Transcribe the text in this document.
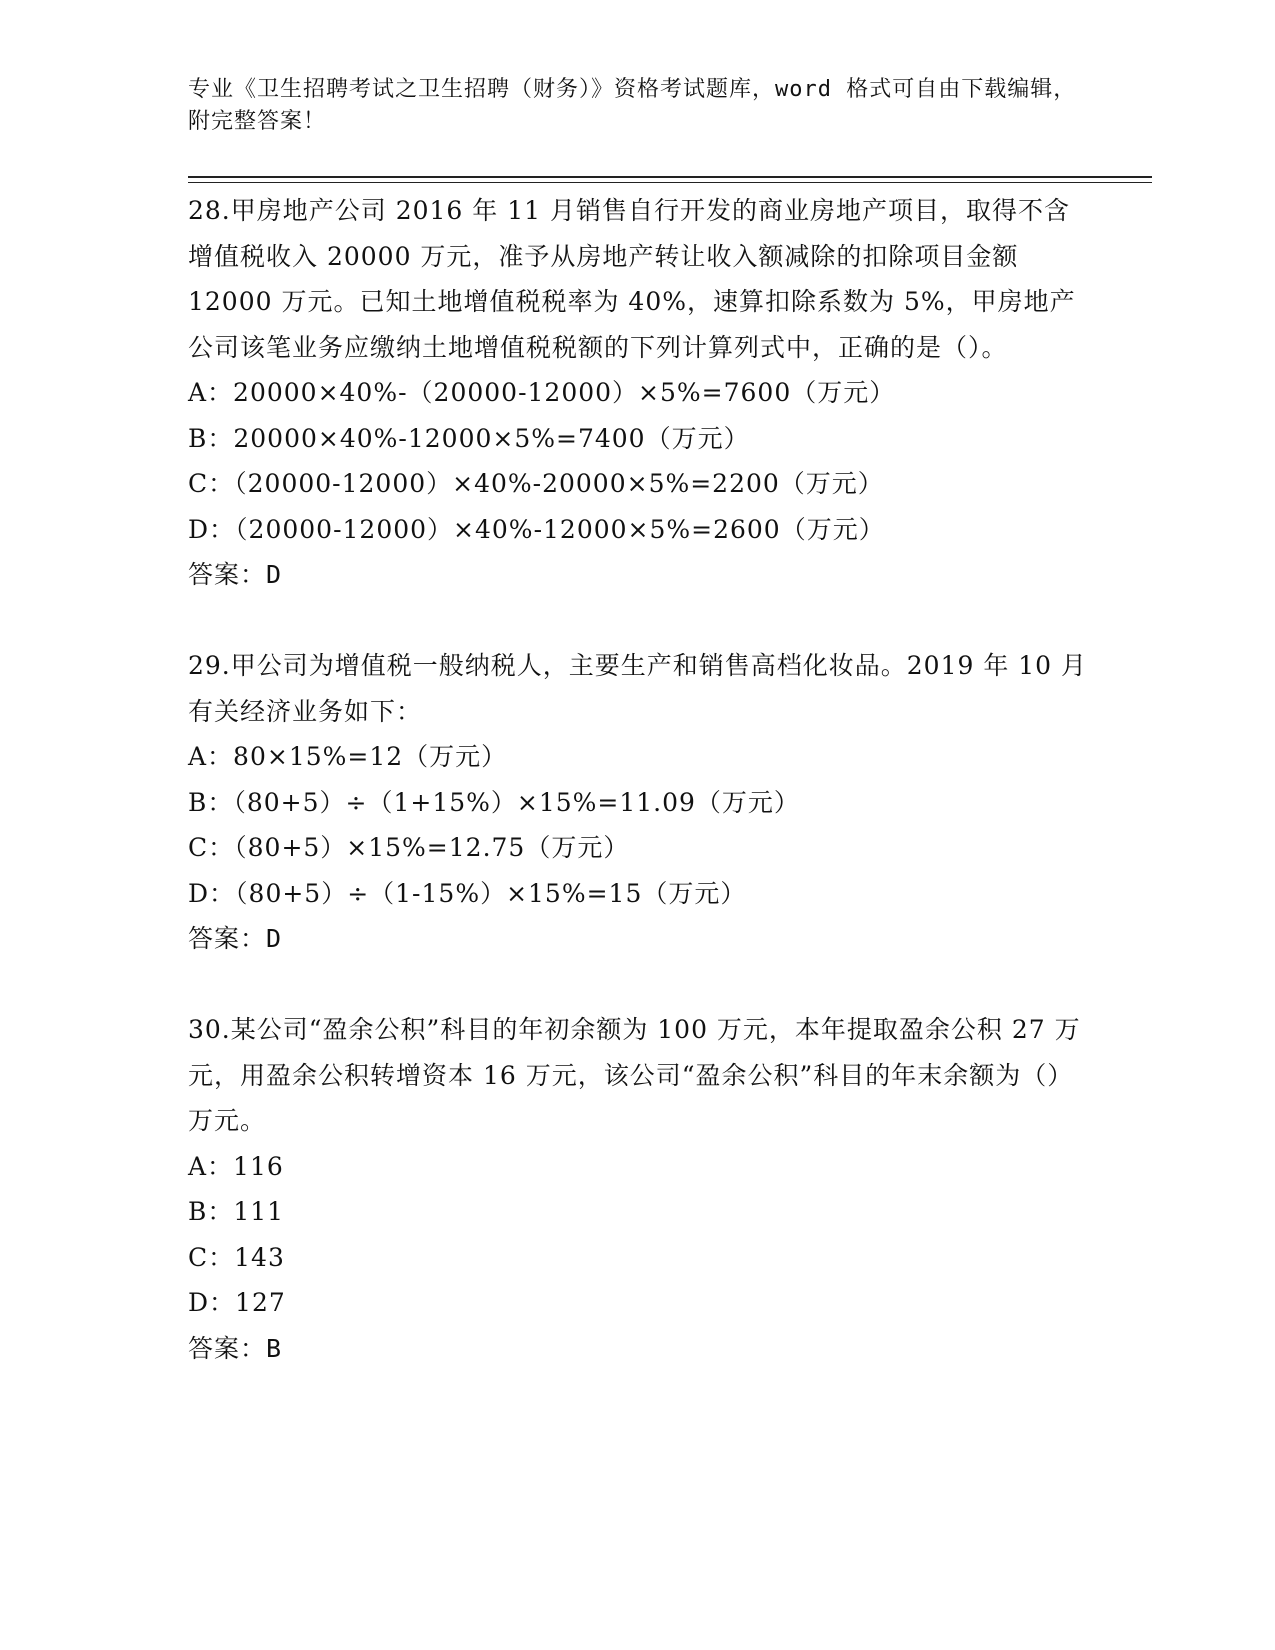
专业《卫生招聘考试之卫生招聘（财务）》资格考试题库，word 格式可自由下载编辑，附完整答案！

28.甲房地产公司 2016 年 11 月销售自行开发的商业房地产项目，取得不含增值税收入 20000 万元，准予从房地产转让收入额减除的扣除项目金额 12000 万元。已知土地增值税税率为 40%，速算扣除系数为 5%，甲房地产公司该笔业务应缴纳土地增值税税额的下列计算列式中，正确的是（）。

A：20000×40%-（20000-12000）×5%=7600（万元）

B：20000×40%-12000×5%=7400（万元）

C：（20000-12000）×40%-20000×5%=2200（万元）

D：（20000-12000）×40%-12000×5%=2600（万元）

答案：D

29.甲公司为增值税一般纳税人，主要生产和销售高档化妆品。2019 年 10 月有关经济业务如下：

A：80×15%=12（万元）

B：（80+5）÷（1+15%）×15%=11.09（万元）

C：（80+5）×15%=12.75（万元）

D：（80+5）÷（1-15%）×15%=15（万元）

答案：D

30.某公司“盈余公积”科目的年初余额为 100 万元，本年提取盈余公积 27 万元，用盈余公积转增资本 16 万元，该公司“盈余公积”科目的年末余额为（）万元。

A：116

B：111

C：143

D：127

答案：B
